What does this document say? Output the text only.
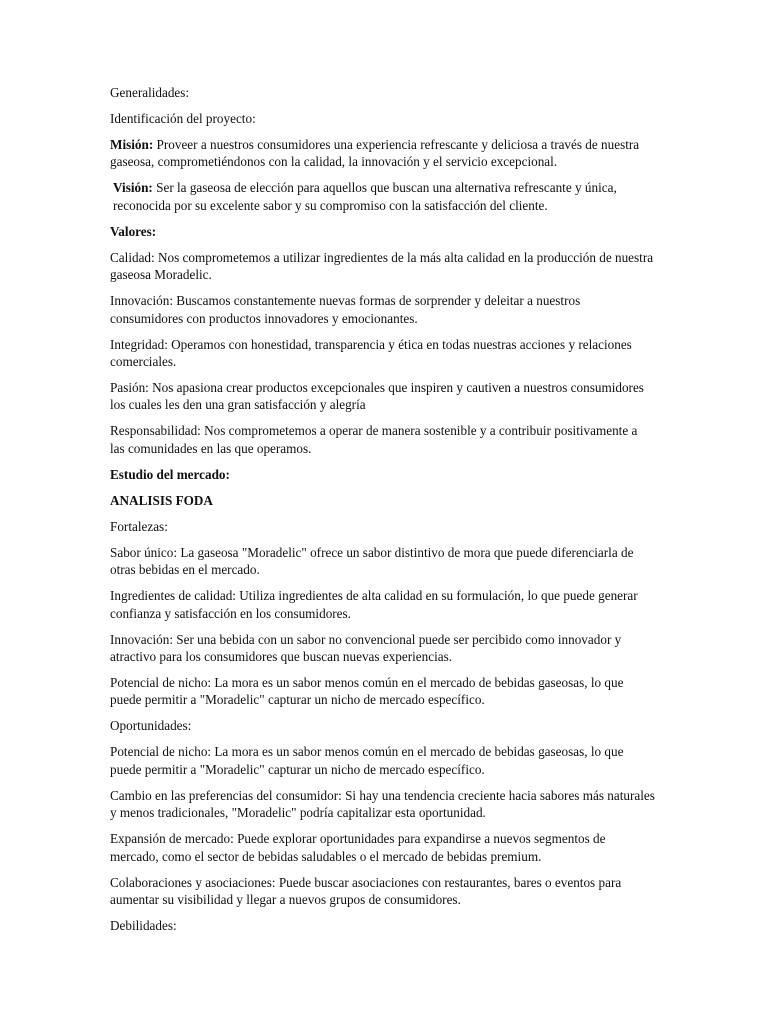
Generalidades:

Identificación del proyecto:

Misión: Proveer a nuestros consumidores una experiencia refrescante y deliciosa a través de nuestra gaseosa, comprometiéndonos con la calidad, la innovación y el servicio excepcional.

Visión: Ser la gaseosa de elección para aquellos que buscan una alternativa refrescante y única, reconocida por su excelente sabor y su compromiso con la satisfacción del cliente.

Valores:

Calidad: Nos comprometemos a utilizar ingredientes de la más alta calidad en la producción de nuestra gaseosa Moradelic.

Innovación: Buscamos constantemente nuevas formas de sorprender y deleitar a nuestros consumidores con productos innovadores y emocionantes.

Integridad: Operamos con honestidad, transparencia y ética en todas nuestras acciones y relaciones comerciales.

Pasión: Nos apasiona crear productos excepcionales que inspiren y cautiven a nuestros consumidores los cuales les den una gran satisfacción y alegría

Responsabilidad: Nos comprometemos a operar de manera sostenible y a contribuir positivamente a las comunidades en las que operamos.

Estudio del mercado:

ANALISIS FODA

Fortalezas:

Sabor único: La gaseosa "Moradelic" ofrece un sabor distintivo de mora que puede diferenciarla de otras bebidas en el mercado.

Ingredientes de calidad: Utiliza ingredientes de alta calidad en su formulación, lo que puede generar confianza y satisfacción en los consumidores.

Innovación: Ser una bebida con un sabor no convencional puede ser percibido como innovador y atractivo para los consumidores que buscan nuevas experiencias.

Potencial de nicho: La mora es un sabor menos común en el mercado de bebidas gaseosas, lo que puede permitir a "Moradelic" capturar un nicho de mercado específico.

Oportunidades:

Potencial de nicho: La mora es un sabor menos común en el mercado de bebidas gaseosas, lo que puede permitir a "Moradelic" capturar un nicho de mercado específico.

Cambio en las preferencias del consumidor: Si hay una tendencia creciente hacia sabores más naturales y menos tradicionales, "Moradelic" podría capitalizar esta oportunidad.

Expansión de mercado: Puede explorar oportunidades para expandirse a nuevos segmentos de mercado, como el sector de bebidas saludables o el mercado de bebidas premium.

Colaboraciones y asociaciones: Puede buscar asociaciones con restaurantes, bares o eventos para aumentar su visibilidad y llegar a nuevos grupos de consumidores.

Debilidades:
